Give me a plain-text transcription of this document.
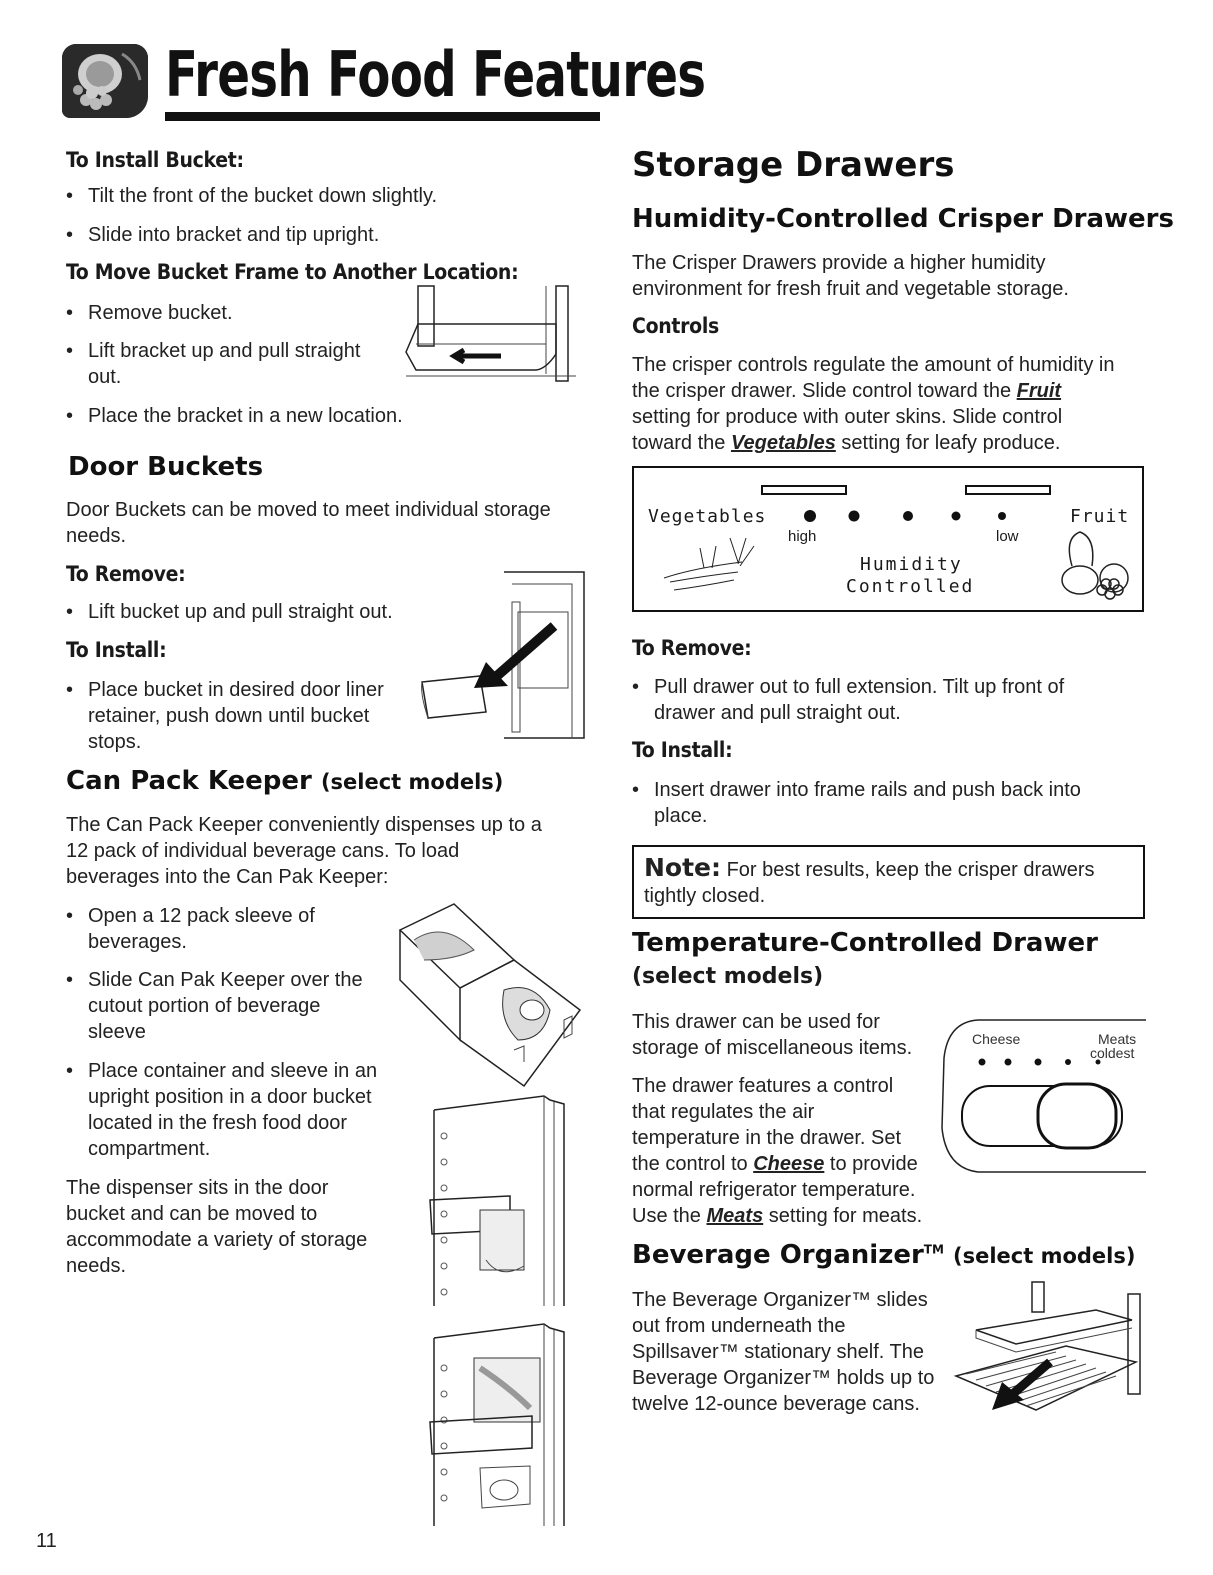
Fresh Food Features
To Install Bucket:
• Tilt the front of the bucket down slightly.
• Slide into bracket and tip upright.
To Move Bucket Frame to Another Location:
• Remove bucket.
• Lift bracket up and pull straight
out.
• Place the bracket in a new location.
Door Buckets
Door Buckets can be moved to meet individual storage
needs.
To Remove:
• Lift bucket up and pull straight out.
To Install:
• Place bucket in desired door liner
retainer, push down until bucket
stops.
Can Pack Keeper (select models)
The Can Pack Keeper conveniently dispenses up to a
12 pack of individual beverage cans. To load
beverages into the Can Pak Keeper:
• Open a 12 pack sleeve of
beverages.
• Slide Can Pak Keeper over the
cutout portion of beverage
sleeve
• Place container and sleeve in an
upright position in a door bucket
located in the fresh food door
compartment.
The dispenser sits in the door
bucket and can be moved to
accommodate a variety of storage
needs.
11
Storage Drawers
Humidity-Controlled Crisper Drawers
The Crisper Drawers provide a higher humidity
environment for fresh fruit and vegetable storage.
Controls
The crisper controls regulate the amount of humidity in
the crisper drawer. Slide control toward the Fruit
setting for produce with outer skins. Slide control
toward the Vegetables setting for leafy produce.
Vegetables	Fruit
high	low
Humidity
Controlled
To Remove:
• Pull drawer out to full extension. Tilt up front of
drawer and pull straight out.
To Install:
• Insert drawer into frame rails and push back into
place.
Note: For best results, keep the crisper drawers
tightly closed.
Temperature-Controlled Drawer
(select models)
This drawer can be used for
storage of miscellaneous items.
The drawer features a control
that regulates the air
temperature in the drawer. Set
the control to Cheese to provide
normal refrigerator temperature.
Use the Meats setting for meats.
Cheese	Meats
coldest
Beverage Organizer™ (select models)
The Beverage Organizer™ slides
out from underneath the
Spillsaver™ stationary shelf. The
Beverage Organizer™ holds up to
twelve 12-ounce beverage cans.
